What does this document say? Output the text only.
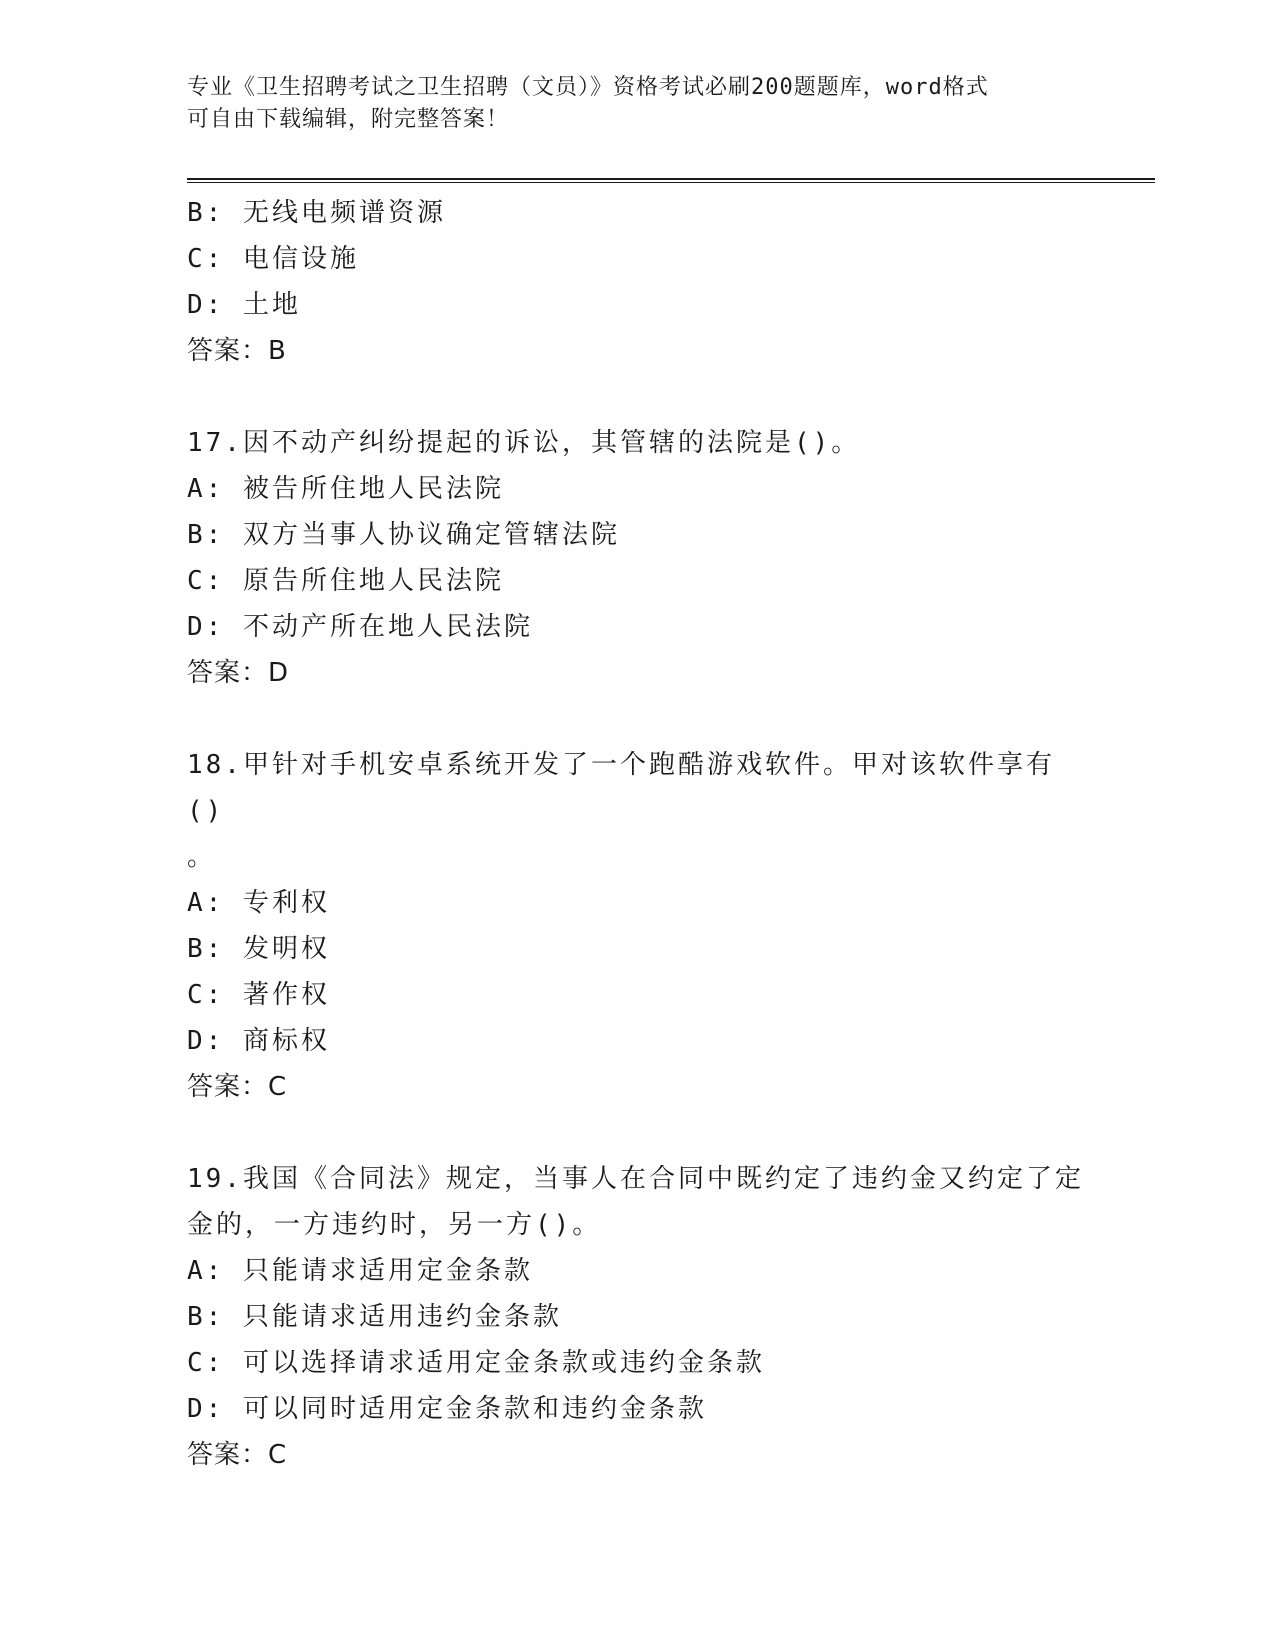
专业《卫生招聘考试之卫生招聘（文员）》资格考试必刷200题题库，word格式
可自由下载编辑，附完整答案！
B: 无线电频谱资源
C: 电信设施
D: 土地
答案：B
17.因不动产纠纷提起的诉讼，其管辖的法院是()。
A: 被告所住地人民法院
B: 双方当事人协议确定管辖法院
C: 原告所住地人民法院
D: 不动产所在地人民法院
答案：D
18.甲针对手机安卓系统开发了一个跑酷游戏软件。甲对该软件享有()
。
A: 专利权
B: 发明权
C: 著作权
D: 商标权
答案：C
19.我国《合同法》规定，当事人在合同中既约定了违约金又约定了定
金的，一方违约时，另一方()。
A: 只能请求适用定金条款
B: 只能请求适用违约金条款
C: 可以选择请求适用定金条款或违约金条款
D: 可以同时适用定金条款和违约金条款
答案：C
